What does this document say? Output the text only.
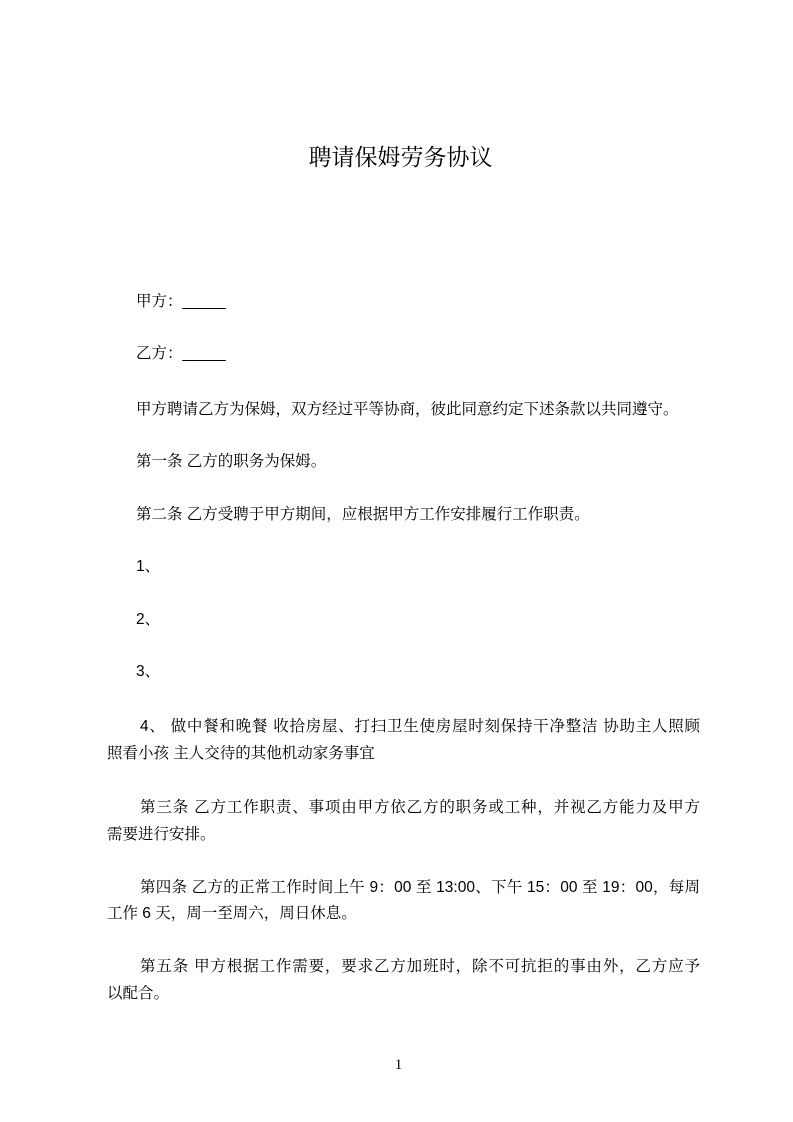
聘请保姆劳务协议
甲方：_____
乙方：_____
甲方聘请乙方为保姆，双方经过平等协商，彼此同意约定下述条款以共同遵守。
第一条 乙方的职务为保姆。
第二条 乙方受聘于甲方期间，应根据甲方工作安排履行工作职责。
1、
2、
3、
4、 做中餐和晚餐 收拾房屋、打扫卫生使房屋时刻保持干净整洁 协助主人照顾
照看小孩 主人交待的其他机动家务事宜
第三条 乙方工作职责、事项由甲方依乙方的职务或工种，并视乙方能力及甲方
需要进行安排。
第四条 乙方的正常工作时间上午 9：00 至 13:00、下午 15：00 至 19：00，每周
工作 6 天，周一至周六，周日休息。
第五条 甲方根据工作需要，要求乙方加班时，除不可抗拒的事由外，乙方应予
以配合。
1
